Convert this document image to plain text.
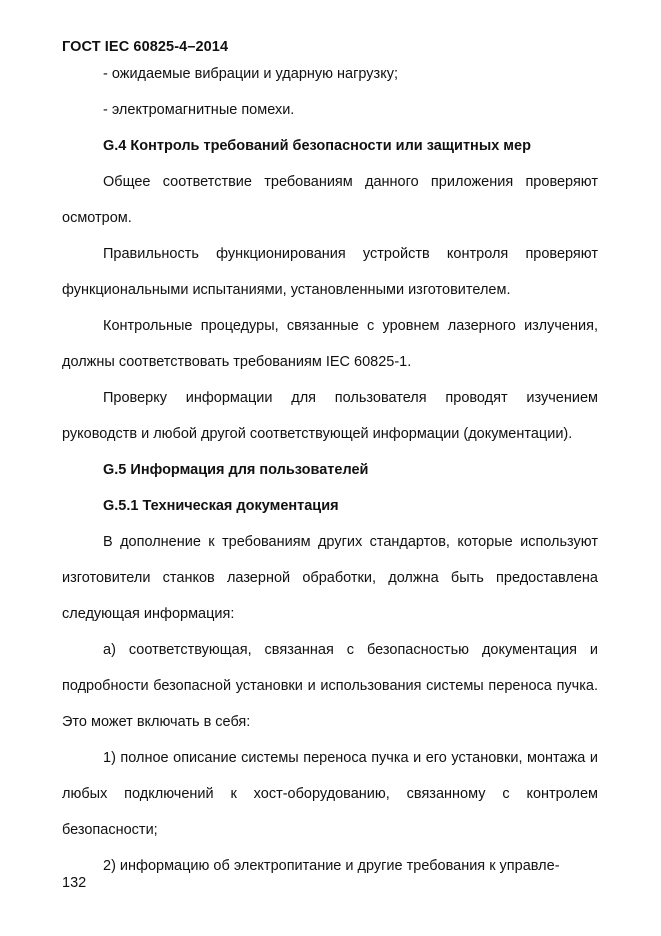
ГОСТ IEC 60825-4–2014

- ожидаемые вибрации и ударную нагрузку;

- электромагнитные помехи.

G.4 Контроль требований безопасности или защитных мер

Общее соответствие требованиям данного приложения проверяют осмотром.

Правильность функционирования устройств контроля проверяют функциональными испытаниями, установленными изготовителем.

Контрольные процедуры, связанные с уровнем лазерного излучения, должны соответствовать требованиям IEC 60825-1.

Проверку информации для пользователя проводят изучением руководств и любой другой соответствующей информации (документации).

G.5 Информация для пользователей

G.5.1 Техническая документация

В дополнение к требованиям других стандартов, которые используют изготовители станков лазерной обработки, должна быть предоставлена следующая информация:

а) соответствующая, связанная с безопасностью документация и подробности безопасной установки и использования системы переноса пучка. Это может включать в себя:

1) полное описание системы переноса пучка и его установки, монтажа и любых подключений к хост-оборудованию, связанному с контролем безопасности;

2) информацию об электропитание и другие требования к управле-

132
